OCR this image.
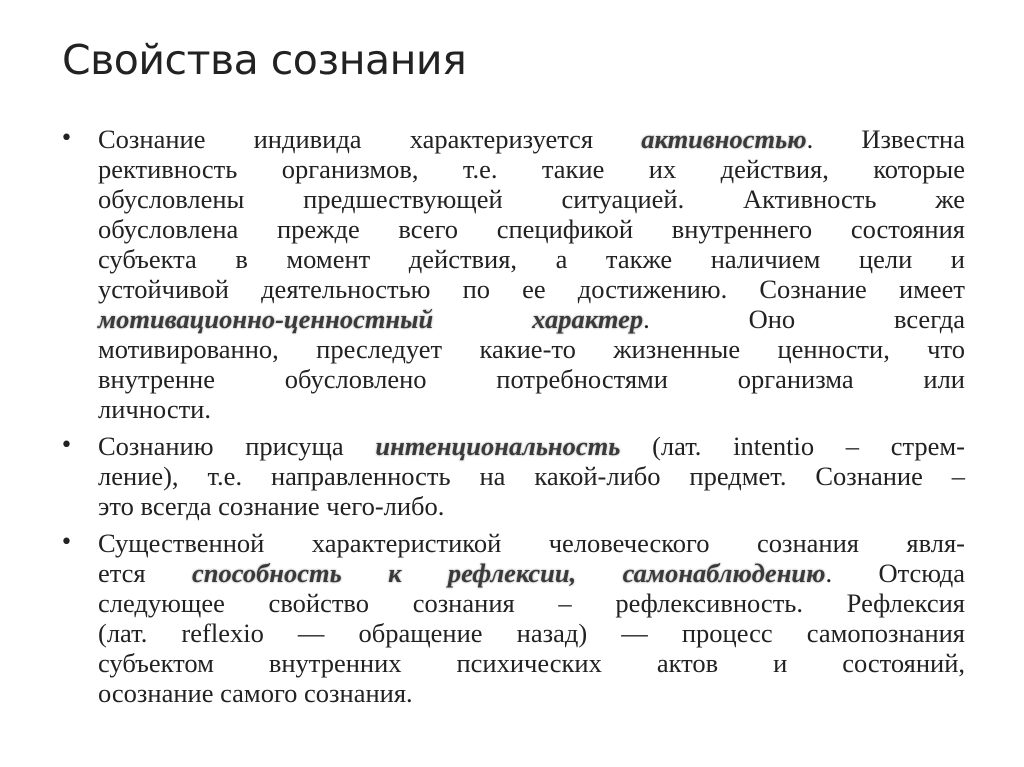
Свойства сознания
• Сознание индивида характеризуется активностью. Известна
рективность организмов, т.е. такие их действия, которые
обусловлены предшествующей ситуацией. Активность же
обусловлена прежде всего спецификой внутреннего состояния
субъекта в момент действия, а также наличием цели и
устойчивой деятельностью по ее достижению. Сознание имеет
мотивационно-ценностный характер. Оно всегда
мотивированно, преследует какие-то жизненные ценности, что
внутренне обусловлено потребностями организма или
личности.
• Сознанию присуща интенциональность (лат. intentio – стрем-
ление), т.е. направленность на какой-либо предмет. Сознание –
это всегда сознание чего-либо.
• Существенной характеристикой человеческого сознания явля-
ется способность к рефлексии, самонаблюдению. Отсюда
следующее свойство сознания – рефлексивность. Рефлексия
(лат. reflexio — обращение назад) — процесс самопознания
субъектом внутренних психических актов и состояний,
осознание самого сознания.
